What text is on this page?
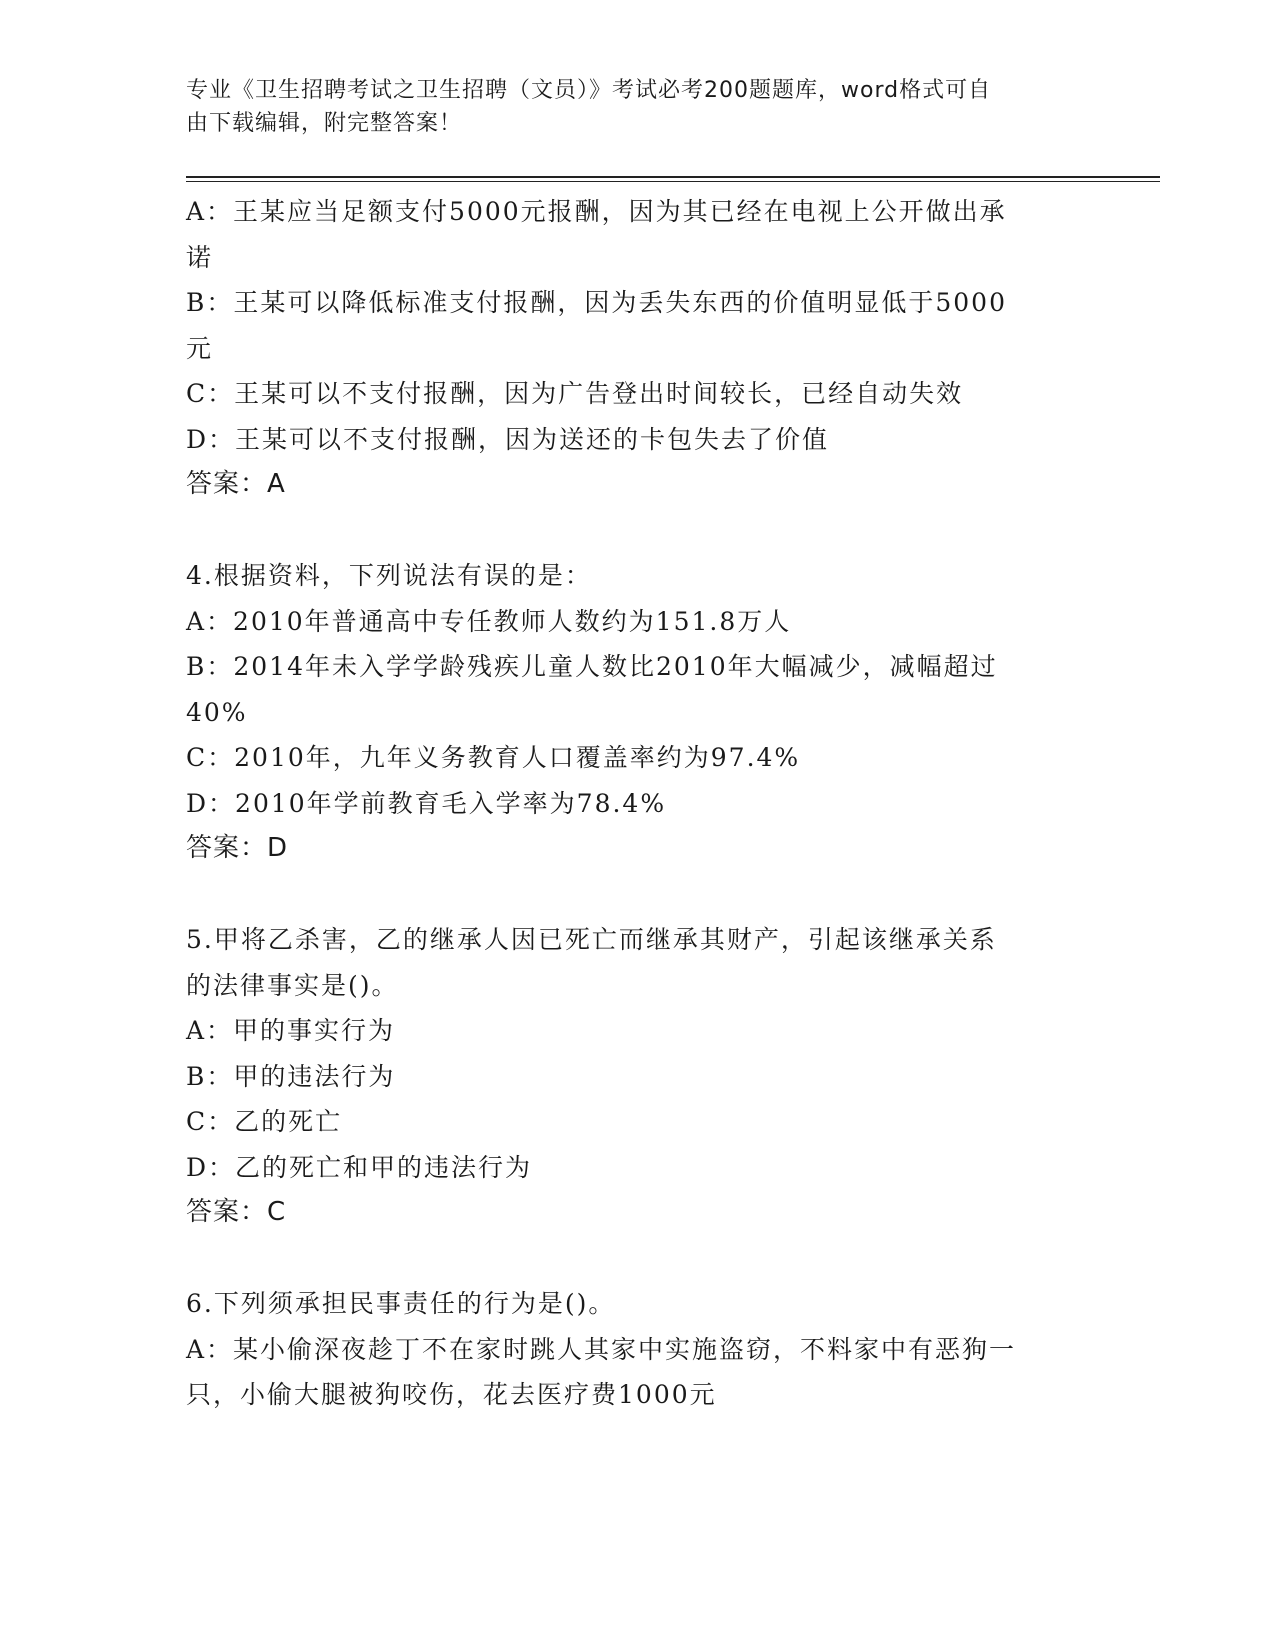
专业《卫生招聘考试之卫生招聘（文员）》考试必考200题题库，word格式可自
由下载编辑，附完整答案！

A：王某应当足额支付5000元报酬，因为其已经在电视上公开做出承

诺

B：王某可以降低标准支付报酬，因为丢失东西的价值明显低于5000

元

C：王某可以不支付报酬，因为广告登出时间较长，已经自动失效

D：王某可以不支付报酬，因为送还的卡包失去了价值

答案：A

4.根据资料，下列说法有误的是：

A：2010年普通高中专任教师人数约为151.8万人

B：2014年未入学学龄残疾儿童人数比2010年大幅减少，减幅超过

40%

C：2010年，九年义务教育人口覆盖率约为97.4%

D：2010年学前教育毛入学率为78.4%

答案：D

5.甲将乙杀害，乙的继承人因已死亡而继承其财产，引起该继承关系

的法律事实是()。

A：甲的事实行为

B：甲的违法行为

C：乙的死亡

D：乙的死亡和甲的违法行为

答案：C

6.下列须承担民事责任的行为是()。

A：某小偷深夜趁丁不在家时跳人其家中实施盗窃，不料家中有恶狗一

只，小偷大腿被狗咬伤，花去医疗费1000元
